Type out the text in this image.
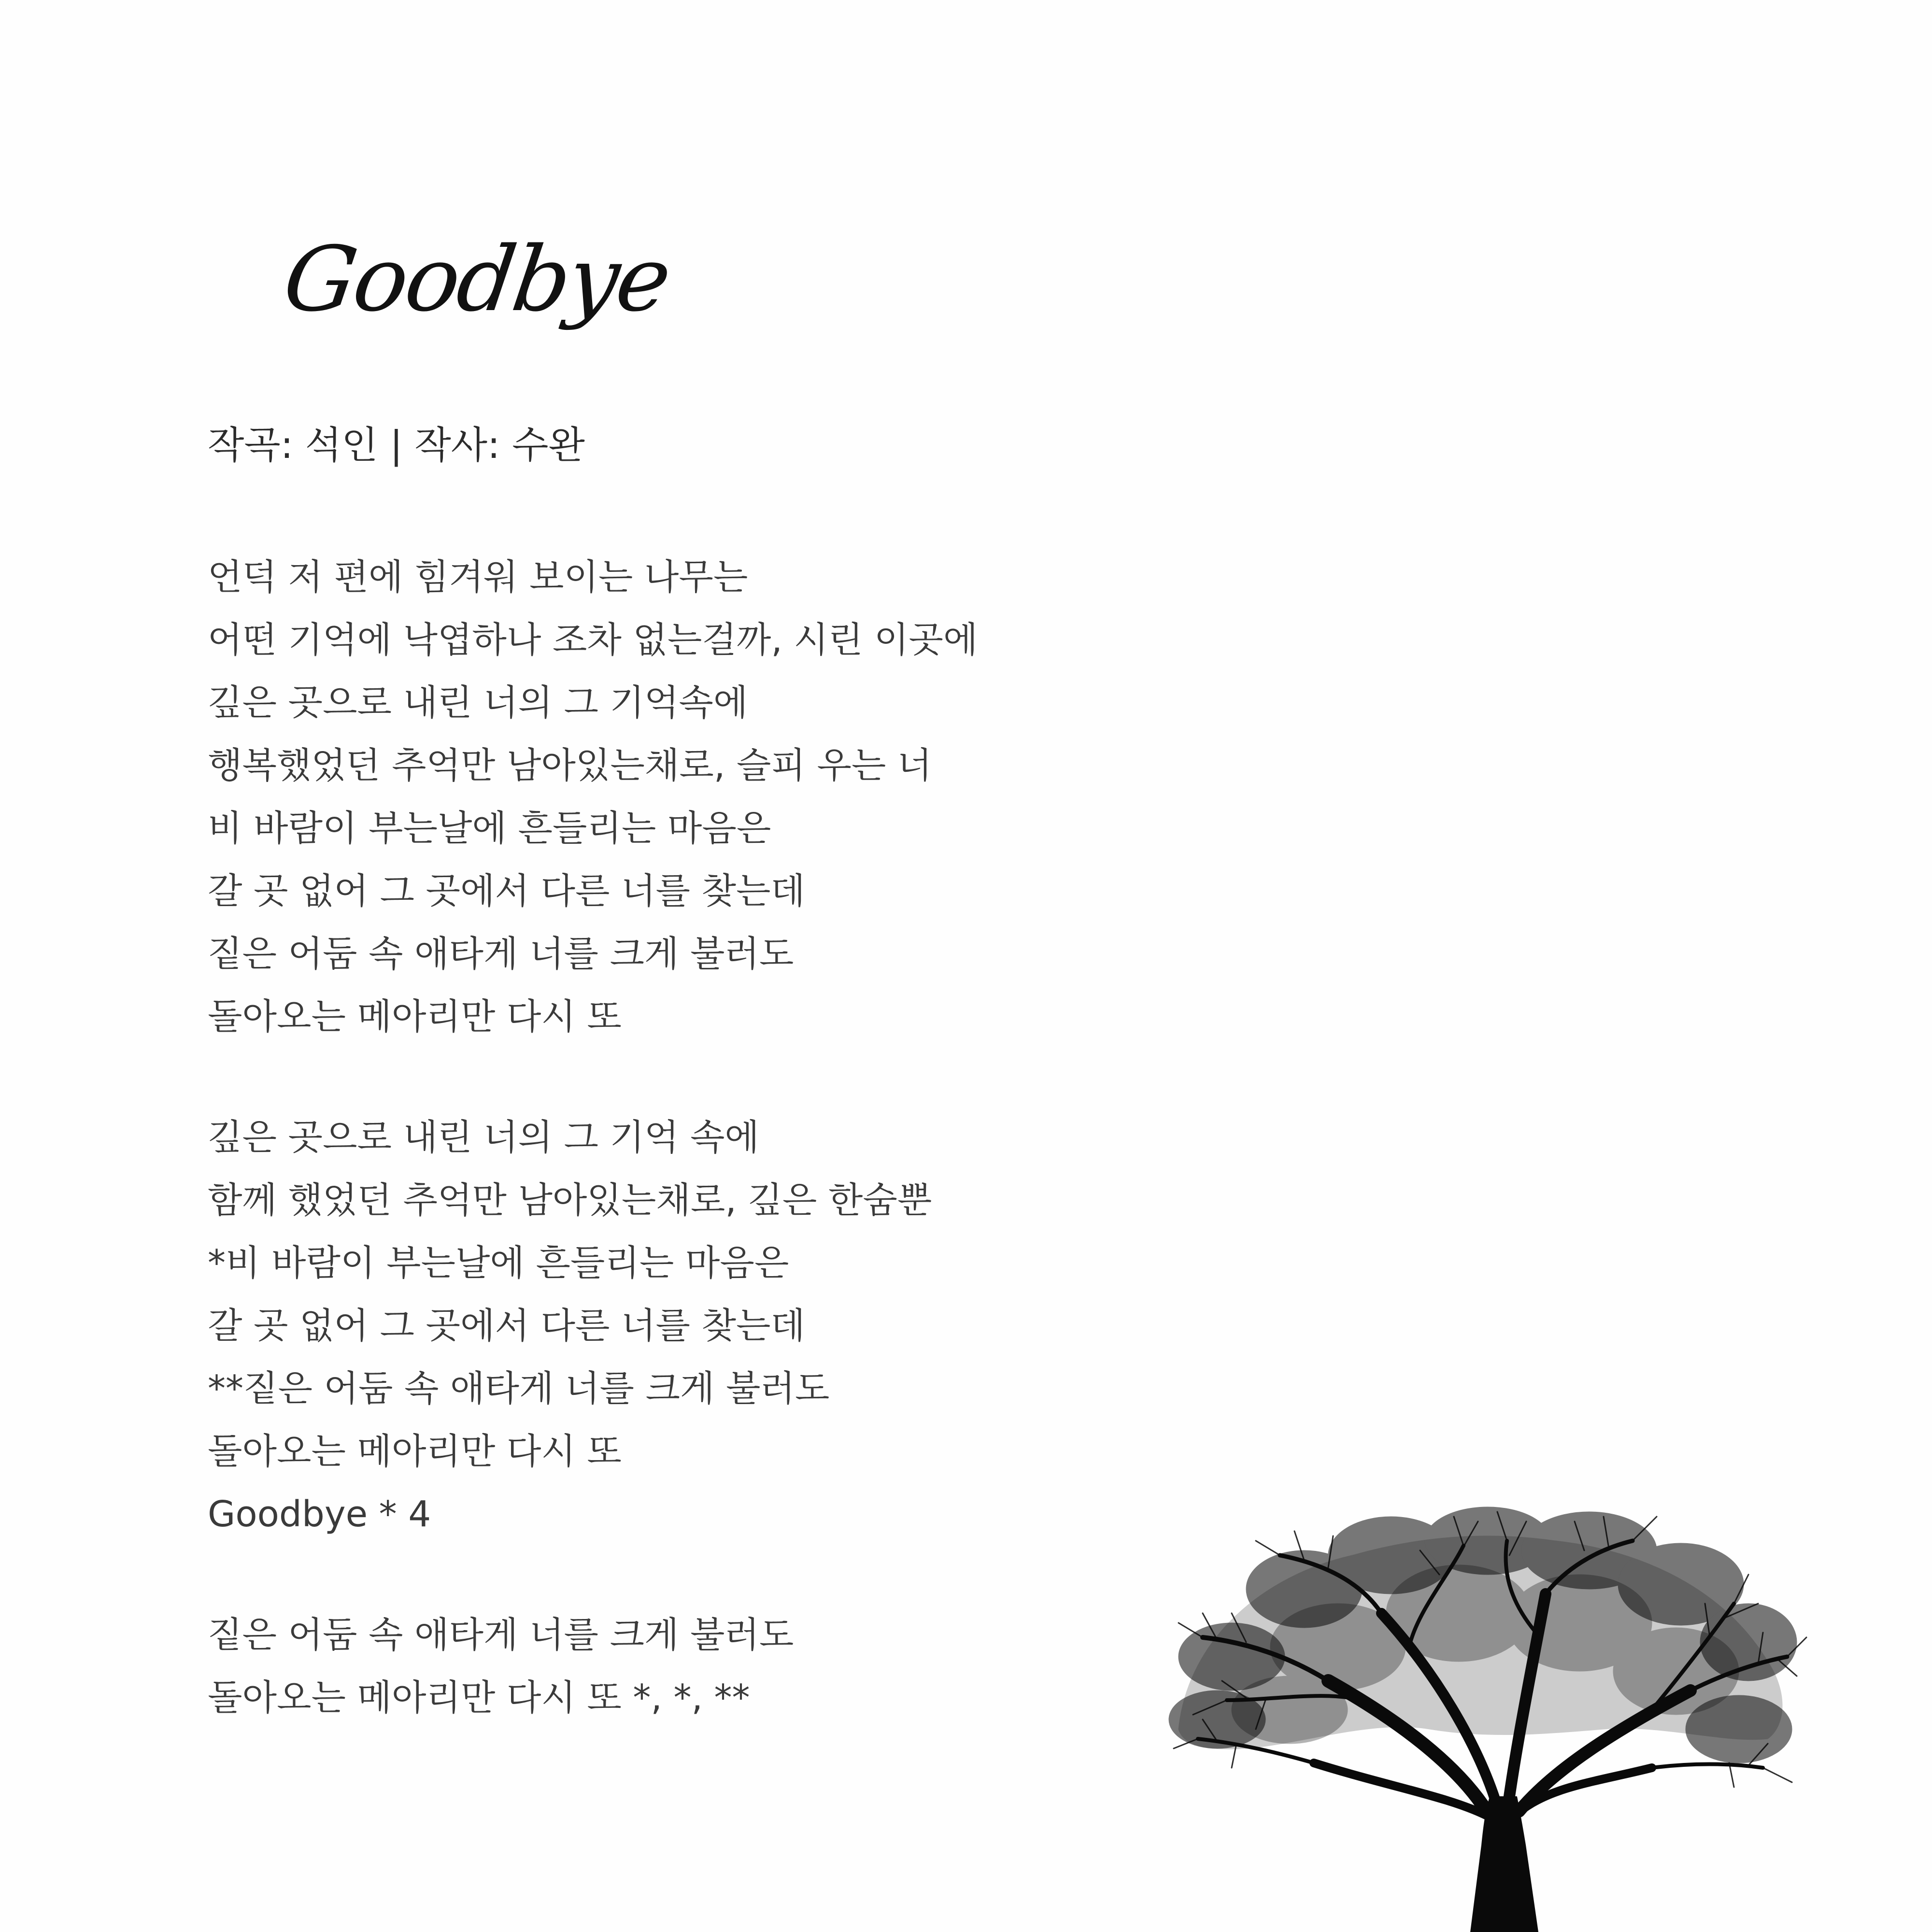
Goodbye
작곡: 석인 | 작사: 수완
언덕 저 편에 힘겨워 보이는 나무는
어떤 기억에 낙엽하나 조차 없는걸까, 시린 이곳에
깊은 곳으로 내린 너의 그 기억속에
행복했었던 추억만 남아있는채로, 슬피 우는 너
비 바람이 부는날에 흔들리는 마음은
갈 곳 없어 그 곳에서 다른 너를 찾는데
짙은 어둠 속 애타게 너를 크게 불러도
돌아오는 메아리만 다시 또
깊은 곳으로 내린 너의 그 기억 속에
함께 했었던 추억만 남아있는채로, 깊은 한숨뿐
*비 바람이 부는날에 흔들리는 마음은
갈 곳 없어 그 곳에서 다른 너를 찾는데
**짙은 어둠 속 애타게 너를 크게 불러도
돌아오는 메아리만 다시 또
Goodbye * 4
짙은 어둠 속 애타게 너를 크게 불러도
돌아오는 메아리만 다시 또 *, *, **
